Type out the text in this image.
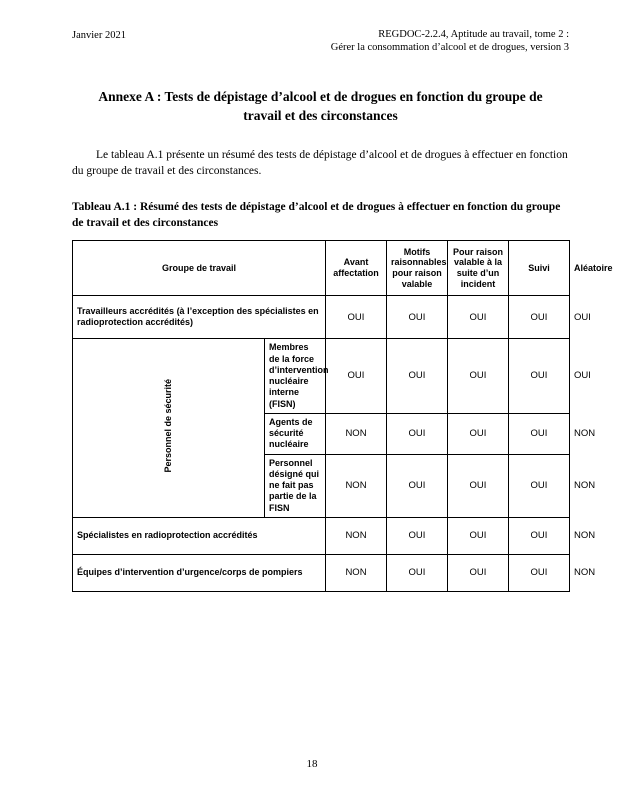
Janvier 2021	REGDOC-2.2.4, Aptitude au travail, tome 2 :
Gérer la consommation d’alcool et de drogues, version 3
Annexe A : Tests de dépistage d’alcool et de drogues en fonction du groupe de travail et des circonstances

Le tableau A.1 présente un résumé des tests de dépistage d’alcool et de drogues à effectuer en fonction du groupe de travail et des circonstances.

Tableau A.1 : Résumé des tests de dépistage d’alcool et de drogues à effectuer en fonction du groupe de travail et des circonstances
Groupe de travail		Avant affectation	Motifs raisonnables pour raison valable	Pour raison valable à la suite d’un incident	Suivi	Aléatoire
Travailleurs accrédités (à l’exception des spécialistes en radioprotection accrédités)		OUI	OUI	OUI	OUI	OUI
Personnel de sécurité	Membres de la force d’intervention nucléaire interne (FISN)	OUI	OUI	OUI	OUI	OUI
	Agents de sécurité nucléaire	NON	OUI	OUI	OUI	NON
	Personnel désigné qui ne fait pas partie de la FISN	NON	OUI	OUI	OUI	NON
Spécialistes en radioprotection accrédités		NON	OUI	OUI	OUI	NON
Équipes d’intervention d’urgence/corps de pompiers		NON	OUI	OUI	OUI	NON
18
